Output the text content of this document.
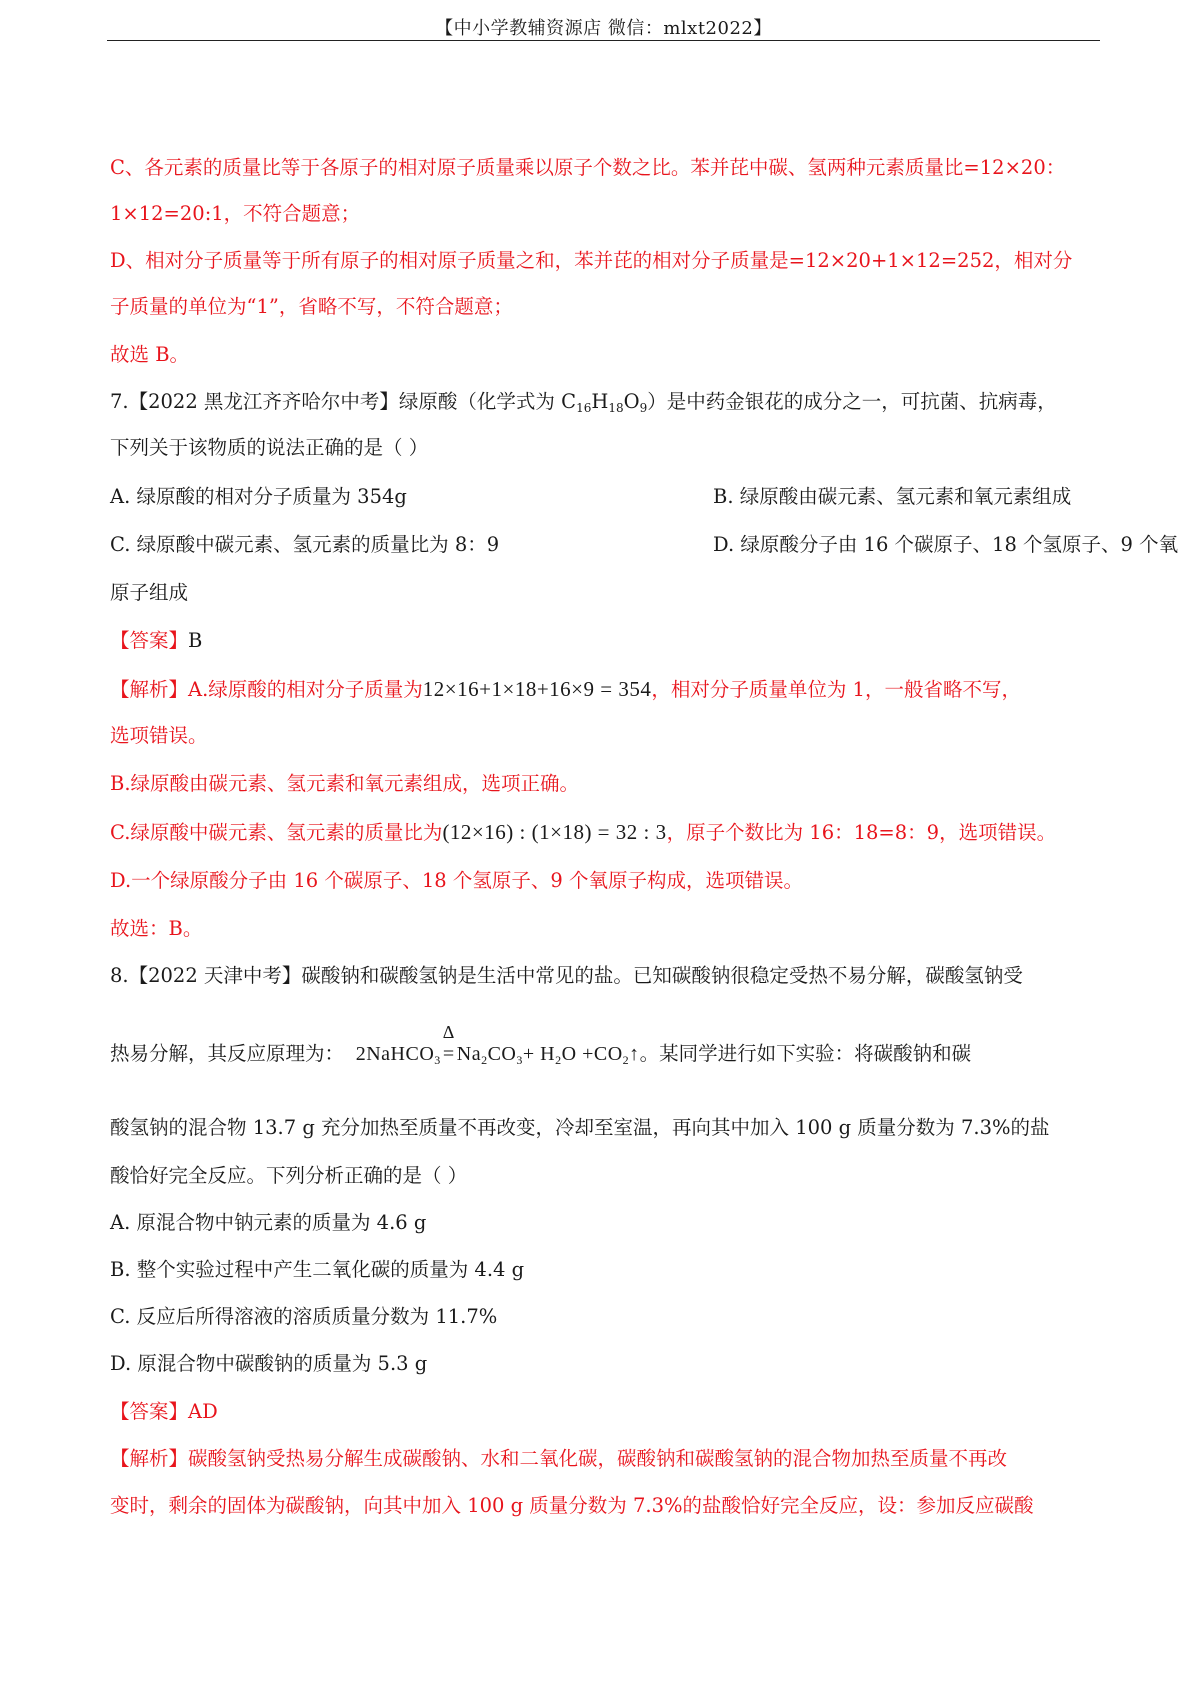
【中小学教辅资源店 微信：mlxt2022】
C、各元素的质量比等于各原子的相对原子质量乘以原子个数之比。苯并芘中碳、氢两种元素质量比=12×20：
1×12=20:1，不符合题意；
D、相对分子质量等于所有原子的相对原子质量之和，苯并芘的相对分子质量是=12×20+1×12=252，相对分
子质量的单位为“1”，省略不写，不符合题意；
故选 B。
7.【2022 黑龙江齐齐哈尔中考】绿原酸（化学式为 $C_{16}H_{18}O_9$）是中药金银花的成分之一，可抗菌、抗病毒，
下列关于该物质的说法正确的是（ ）
A. 绿原酸的相对分子质量为 354g	B. 绿原酸由碳元素、氢元素和氧元素组成
C. 绿原酸中碳元素、氢元素的质量比为 8：9	D. 绿原酸分子由 16 个碳原子、18 个氢原子、9 个氧
原子组成
【答案】B
【解析】A.绿原酸的相对分子质量为12×16+1×18+16×9 = 354，相对分子质量单位为 1，一般省略不写，
选项错误。
B.绿原酸由碳元素、氢元素和氧元素组成，选项正确。
C.绿原酸中碳元素、氢元素的质量比为(12×16) : (1×18) = 32 : 3，原子个数比为 16：18=8：9，选项错误。
D.一个绿原酸分子由 16 个碳原子、18 个氢原子、9 个氧原子构成，选项错误。
故选：B。
8.【2022 天津中考】碳酸钠和碳酸氢钠是生活中常见的盐。已知碳酸钠很稳定受热不易分解，碳酸氢钠受
热易分解，其反应原理为： 2NaHCO$_3$
Δ
= $Na_2CO_3+ H_2O$ $+CO_2↑$。某同学进行如下实验：将碳酸钠和碳
酸氢钠的混合物 13.7 g 充分加热至质量不再改变，冷却至室温，再向其中加入 100 g 质量分数为 7.3%的盐
酸恰好完全反应。下列分析正确的是（ ）
A. 原混合物中钠元素的质量为 4.6 g
B. 整个实验过程中产生二氧化碳的质量为 4.4 g
C. 反应后所得溶液的溶质质量分数为 11.7%
D. 原混合物中碳酸钠的质量为 5.3 g
【答案】AD
【解析】碳酸氢钠受热易分解生成碳酸钠、水和二氧化碳，碳酸钠和碳酸氢钠的混合物加热至质量不再改
变时，剩余的固体为碳酸钠，向其中加入 100 g 质量分数为 7.3%的盐酸恰好完全反应，设：参加反应碳酸
